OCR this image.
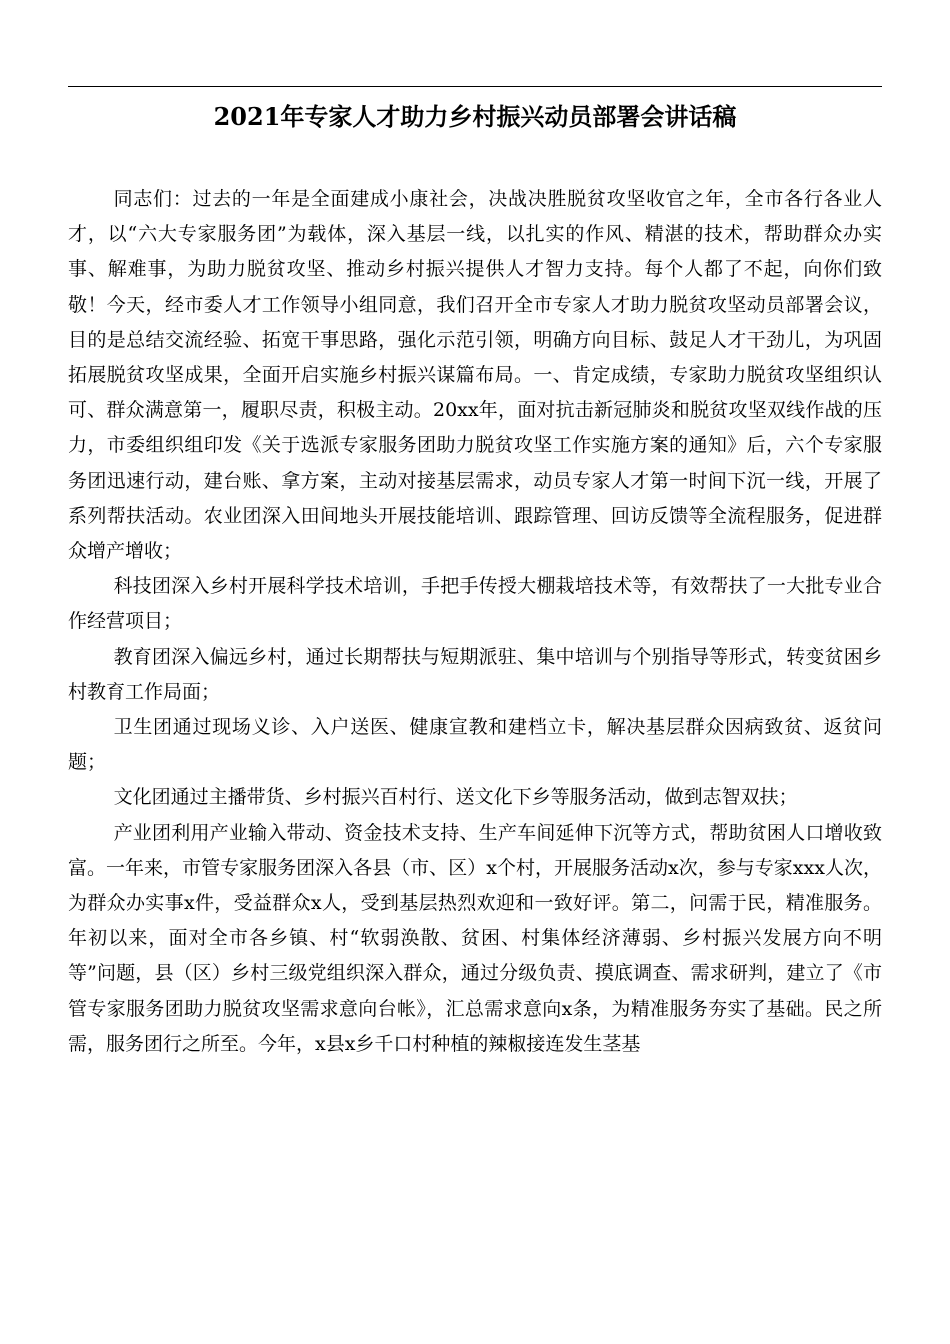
2021年专家人才助力乡村振兴动员部署会讲话稿

同志们：过去的一年是全面建成小康社会，决战决胜脱贫攻坚收官之年，全市各行各业人才，以“六大专家服务团”为载体，深入基层一线，以扎实的作风、精湛的技术，帮助群众办实事、解难事，为助力脱贫攻坚、推动乡村振兴提供人才智力支持。每个人都了不起，向你们致敬！今天，经市委人才工作领导小组同意，我们召开全市专家人才助力脱贫攻坚动员部署会议，目的是总结交流经验、拓宽干事思路，强化示范引领，明确方向目标、鼓足人才干劲儿，为巩固拓展脱贫攻坚成果，全面开启实施乡村振兴谋篇布局。一、肯定成绩，专家助力脱贫攻坚组织认可、群众满意第一，履职尽责，积极主动。20xx年，面对抗击新冠肺炎和脱贫攻坚双线作战的压力，市委组织组印发《关于选派专家服务团助力脱贫攻坚工作实施方案的通知》后，六个专家服务团迅速行动，建台账、拿方案，主动对接基层需求，动员专家人才第一时间下沉一线，开展了系列帮扶活动。农业团深入田间地头开展技能培训、跟踪管理、回访反馈等全流程服务，促进群众增产增收；

科技团深入乡村开展科学技术培训，手把手传授大棚栽培技术等，有效帮扶了一大批专业合作经营项目；

教育团深入偏远乡村，通过长期帮扶与短期派驻、集中培训与个别指导等形式，转变贫困乡村教育工作局面；

卫生团通过现场义诊、入户送医、健康宣教和建档立卡，解决基层群众因病致贫、返贫问题；

文化团通过主播带货、乡村振兴百村行、送文化下乡等服务活动，做到志智双扶；

产业团利用产业输入带动、资金技术支持、生产车间延伸下沉等方式，帮助贫困人口增收致富。一年来，市管专家服务团深入各县（市、区）x个村，开展服务活动x次，参与专家xxx人次，为群众办实事x件，受益群众x人，受到基层热烈欢迎和一致好评。第二，问需于民，精准服务。年初以来，面对全市各乡镇、村“软弱涣散、贫困、村集体经济薄弱、乡村振兴发展方向不明等”问题，县（区）乡村三级党组织深入群众，通过分级负责、摸底调查、需求研判，建立了《市管专家服务团助力脱贫攻坚需求意向台帐》，汇总需求意向x条，为精准服务夯实了基础。民之所需，服务团行之所至。今年，x县x乡千口村种植的辣椒接连发生茎基
